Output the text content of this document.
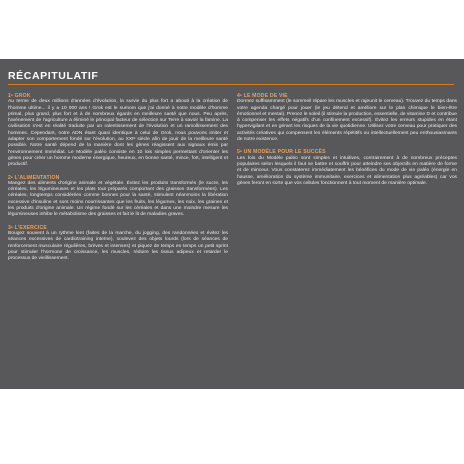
RÉCAPITULATIF
1• GROK
Au terme de deux millions d'années d'évolution, la survie du plus fort a abouti à la création de l'homme ultime... il y a 10 000 ans ! Grok est le surnom que j'ai donné à notre modèle d'homme primal, plus grand, plus fort et à de nombreux égards en meilleure santé que nous. Peu après, l'avènement de l'agriculture a éliminé le principal facteur de sélection sur Terre à savoir la famine. La civilisation s'est en réalité traduite par un ralentissement de l'évolution et un ramollissement des hommes. Cependant, notre ADN étant quasi identique à celui de Grok, nous pouvons imiter et adapter son comportement fondé sur l'évolution, au XXIᵉ siècle afin de jouir de la meilleure santé possible. Notre santé dépend de la manière dont les gènes réagissent aux signaux émis par l'environnement immédiat. Le Modèle paléo consiste en 10 lois simples permettant d'orienter les gènes pour créer un homme moderne énergique, heureux, en bonne santé, mince, fort, intelligent et productif.
2• L'ALIMENTATION
Mangez des aliments d'origine animale et végétale. Évitez les produits transformés (le sucre, les céréales, les légumineuses et les plats tout préparés comportant des graisses transformées). Les céréales, longtemps considérées comme bonnes pour la santé, stimulent néanmoins la libération excessive d'insuline et sont moins nourrissantes que les fruits, les légumes, les noix, les graines et les produits d'origine animale. Un régime fondé sur les céréales et dans une moindre mesure les légumineuses inhibe le métabolisme des graisses et fait le lit de maladies graves.
3• L'EXERCICE
Bougez souvent à un rythme lent (faites de la marche, du jogging, des randonnées et évitez les séances excessives de cardiotraining interne), soulevez des objets lourds (lors de séances de renforcement musculaire régulières, brèves et intenses) et piquez de temps en temps un petit sprint pour stimuler l'hormone de croissance, les muscles, réduire les tissus adipeux et retarder le processus de vieillissement.
4• LE MODE DE VIE
Dormez suffisamment (le sommeil répare les muscles et rajeunit le cerveau). Trouvez du temps dans votre agenda chargé pour jouer (le jeu détend et améliore sur le plan chimique le bien-être émotionnel et mental). Prenez le soleil (il stimule la production, essentielle, de vitamine D et contribue à compenser les effets négatifs d'un confinement excessif). Évitez les erreurs stupides en étant hypervigilant et en gérant les risques de la vie quotidienne. Utilisez votre cerveau pour pratiquer des activités créatives qui compensent les éléments répétitifs ou intellectuellement peu enthousiasmants de notre existence.
5• UN MODÈLE POUR LE SUCCÈS
Les lois du Modèle paléo sont simples et intuitives, contrairement à de nombreux préceptes populaires selon lesquels il faut se battre et souffrir pour atteindre ses objectifs en matière de forme et de minceur. Vous constaterez immédiatement les bénéfices du mode de vie paléo (énergie en hausse, amélioration du système immunitaire, exercices et alimentation plus agréables) car vos gènes feront en sorte que vos cellules fonctionnent à tout moment de manière optimale.
